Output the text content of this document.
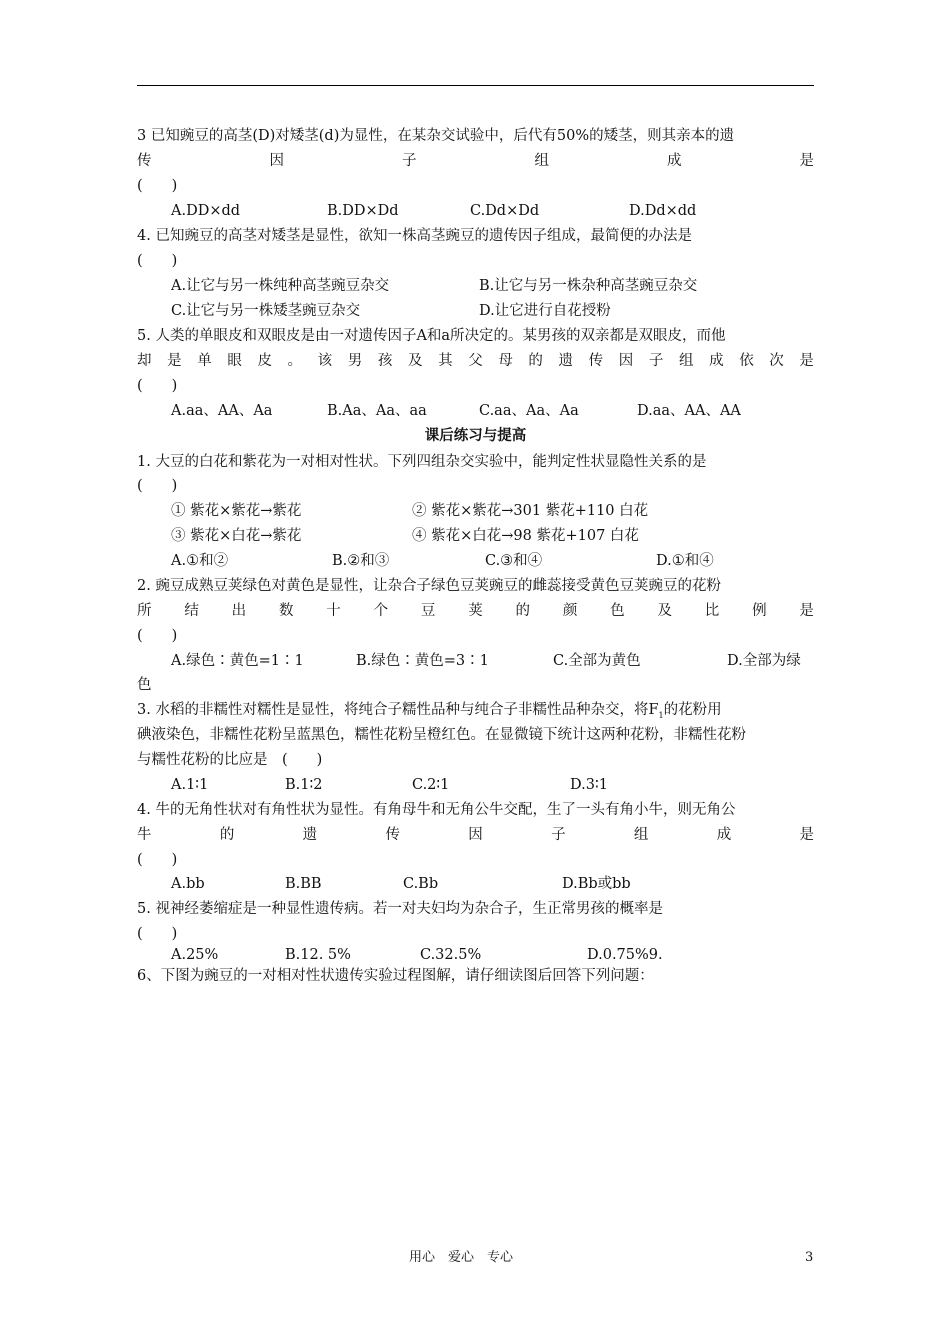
3 已知豌豆的高茎(D)对矮茎(d)为显性，在某杂交试验中，后代有50%的矮茎，则其亲本的遗
传	因	子	组	成	是
(　　)
A.DD×dd	B.DD×Dd	C.Dd×Dd	D.Dd×dd
4. 已知豌豆的高茎对矮茎是显性，欲知一株高茎豌豆的遗传因子组成，最简便的办法是
(　　)
A.让它与另一株纯种高茎豌豆杂交	B.让它与另一株杂种高茎豌豆杂交
C.让它与另一株矮茎豌豆杂交	D.让它进行自花授粉
5. 人类的单眼皮和双眼皮是由一对遗传因子A和a所决定的。某男孩的双亲都是双眼皮，而他
却 是 单 眼 皮 。 该 男 孩 及 其 父 母 的 遗 传 因 子 组 成 依 次 是
(　　)
A.aa、AA、Aa	B.Aa、Aa、aa	C.aa、Aa、Aa	D.aa、AA、AA
课后练习与提高
1. 大豆的白花和紫花为一对相对性状。下列四组杂交实验中，能判定性状显隐性关系的是
(　　)
① 紫花×紫花→紫花	② 紫花×紫花→301 紫花+110 白花
③ 紫花×白花→紫花	④ 紫花×白花→98 紫花+107 白花
A.①和②	B.②和③	C.③和④	D.①和④
2. 豌豆成熟豆荚绿色对黄色是显性，让杂合子绿色豆荚豌豆的雌蕊接受黄色豆荚豌豆的花粉
所 结 出 数 十 个 豆 荚 的 颜 色 及 比 例 是
(　　)
A.绿色∶黄色=1∶1	B.绿色∶黄色=3∶1	C.全部为黄色	D.全部为绿
色
3. 水稻的非糯性对糯性是显性，将纯合子糯性品种与纯合子非糯性品种杂交，将$F_1$的花粉用
碘液染色，非糯性花粉呈蓝黑色，糯性花粉呈橙红色。在显微镜下统计这两种花粉，非糯性花粉
与糯性花粉的比应是　(　　)
A.1∶1	B.1∶2	C.2∶1	D.3∶1
4. 牛的无角性状对有角性状为显性。有角母牛和无角公牛交配，生了一头有角小牛，则无角公
牛	的	遗	传	因	子	组	成	是
(　　)
A.bb	B.BB	C.Bb	D.Bb或bb
5. 视神经萎缩症是一种显性遗传病。若一对夫妇均为杂合子，生正常男孩的概率是
(　　)
A.25%	B.12. 5%	C.32.5%	D.0.75%9.
6、下图为豌豆的一对相对性状遗传实验过程图解，请仔细读图后回答下列问题：
用心　爱心　专心	3
